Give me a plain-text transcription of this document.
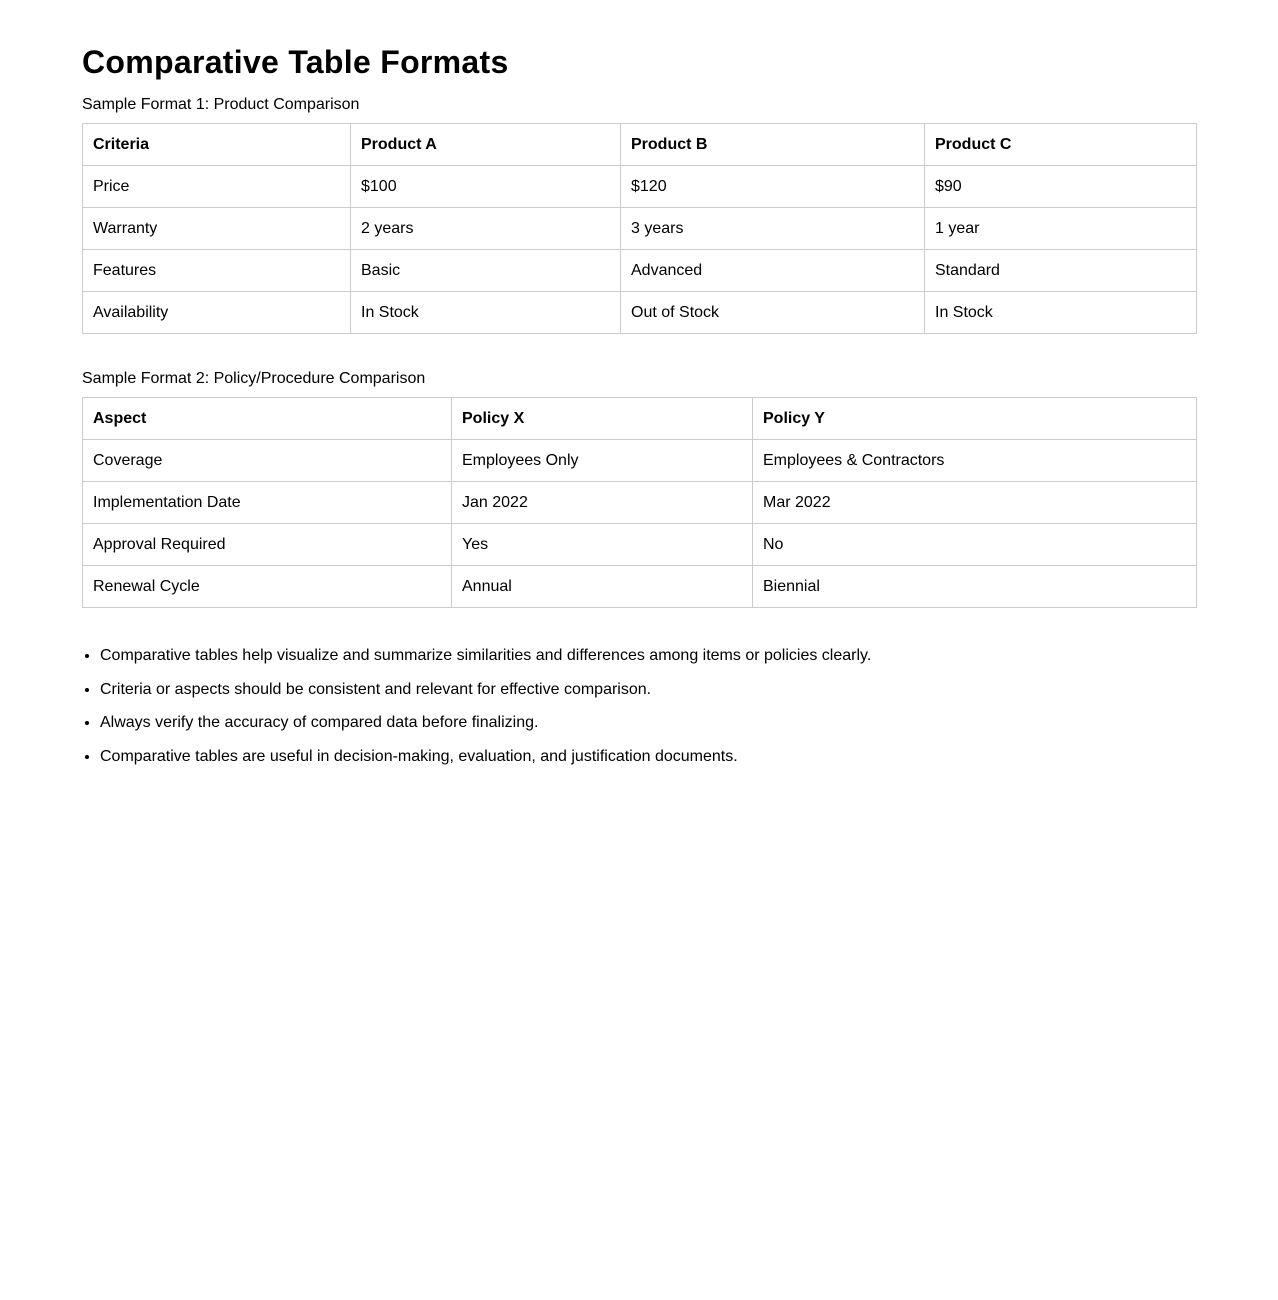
Comparative Table Formats
Sample Format 1: Product Comparison
Criteria	Product A	Product B	Product C
Price	$100	$120	$90
Warranty	2 years	3 years	1 year
Features	Basic	Advanced	Standard
Availability	In Stock	Out of Stock	In Stock
Sample Format 2: Policy/Procedure Comparison
Aspect	Policy X	Policy Y
Coverage	Employees Only	Employees & Contractors
Implementation Date	Jan 2022	Mar 2022
Approval Required	Yes	No
Renewal Cycle	Annual	Biennial
• Comparative tables help visualize and summarize similarities and differences among items or policies clearly.
• Criteria or aspects should be consistent and relevant for effective comparison.
• Always verify the accuracy of compared data before finalizing.
• Comparative tables are useful in decision-making, evaluation, and justification documents.
